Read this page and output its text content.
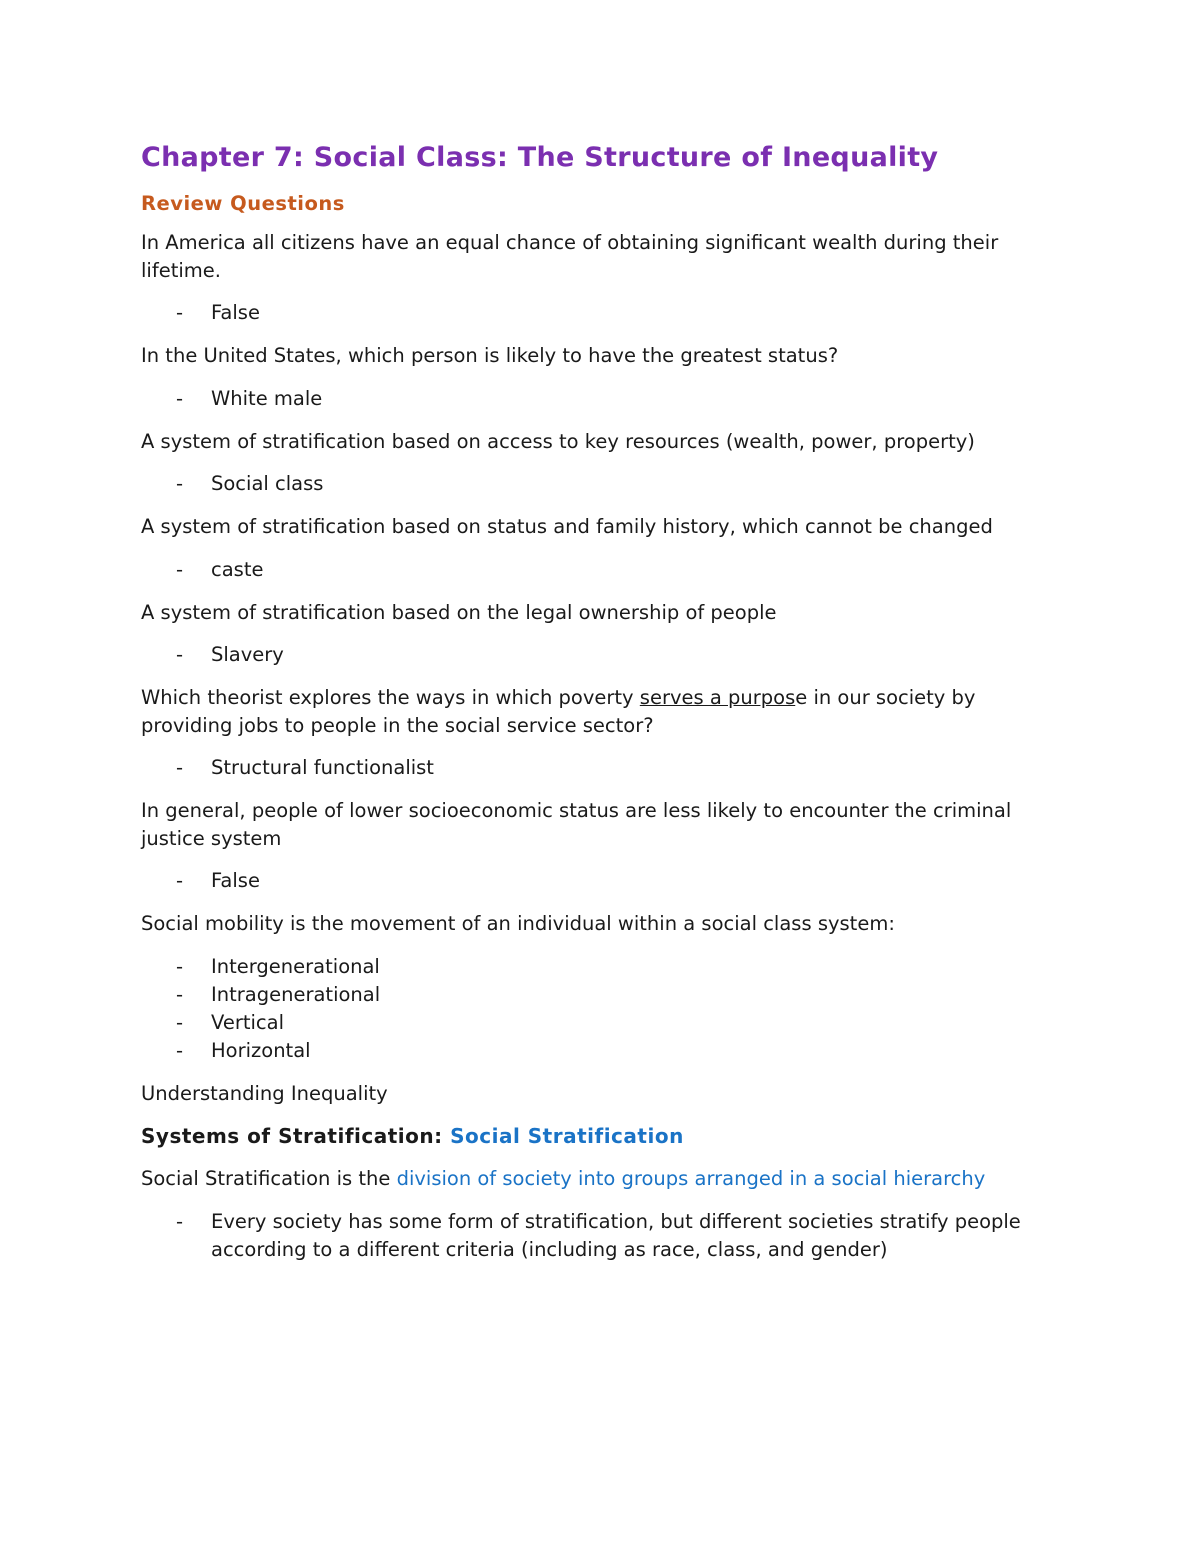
Chapter 7: Social Class: The Structure of Inequality
Review Questions

In America all citizens have an equal chance of obtaining significant wealth during their lifetime.

- False

In the United States, which person is likely to have the greatest status?

- White male

A system of stratification based on access to key resources (wealth, power, property)

- Social class

A system of stratification based on status and family history, which cannot be changed

- caste

A system of stratification based on the legal ownership of people

- Slavery

Which theorist explores the ways in which poverty serves a purpose in our society by providing jobs to people in the social service sector?

- Structural functionalist

In general, people of lower socioeconomic status are less likely to encounter the criminal justice system

- False

Social mobility is the movement of an individual within a social class system:

- Intergenerational
- Intragenerational
- Vertical
- Horizontal

Understanding Inequality

Systems of Stratification: Social Stratification

Social Stratification is the division of society into groups arranged in a social hierarchy

- Every society has some form of stratification, but different societies stratify people according to a different criteria (including as race, class, and gender)
